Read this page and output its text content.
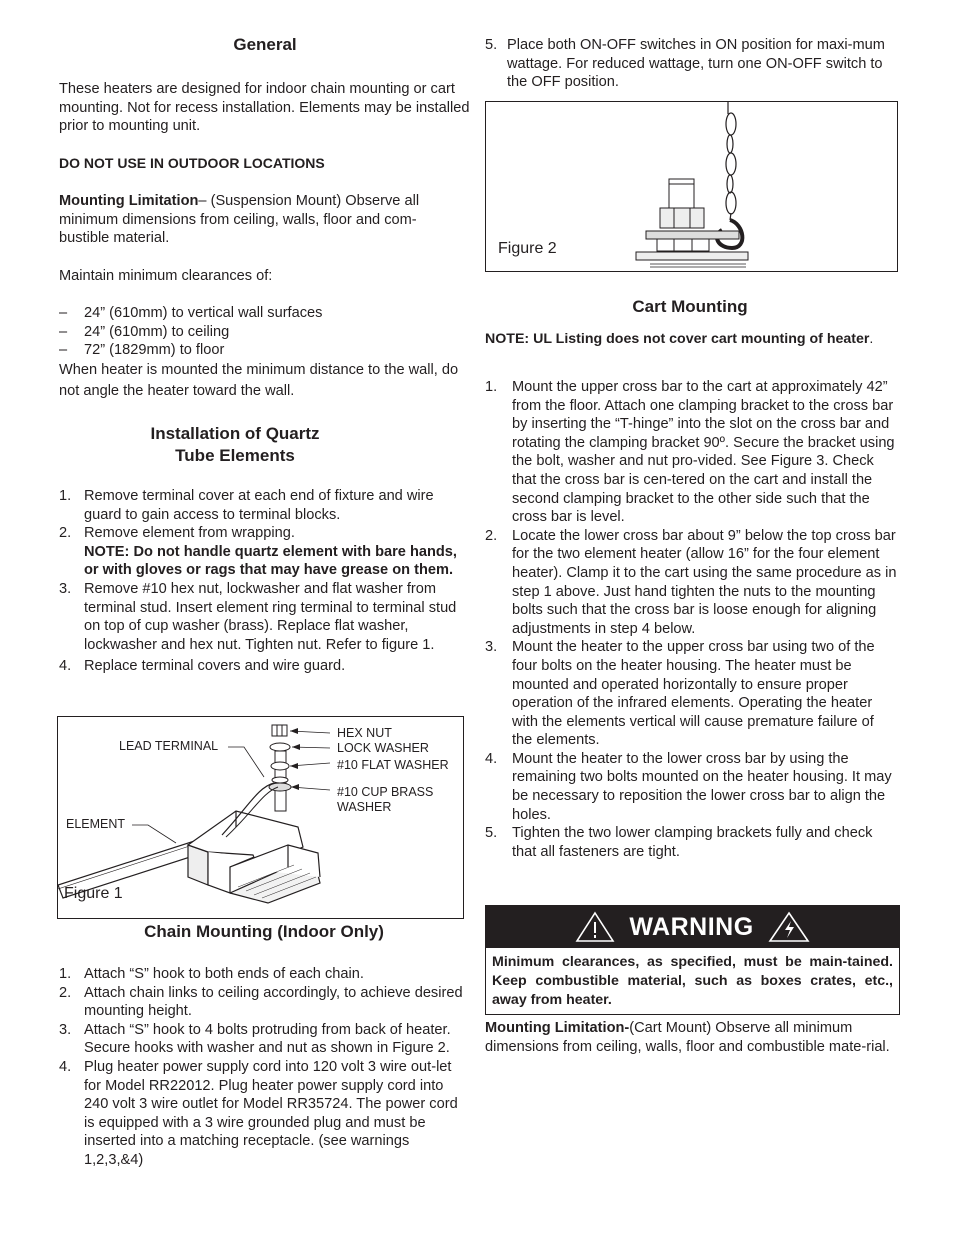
General

These heaters are designed for indoor chain mounting or cart mounting. Not for recess installation. Elements may be installed prior to mounting unit.

DO NOT USE IN OUTDOOR LOCATIONS

Mounting Limitation– (Suspension Mount) Observe all minimum dimensions from ceiling, walls, floor and com-bustible material.

Maintain minimum clearances of:

– 24” (610mm) to vertical wall surfaces
– 24” (610mm) to ceiling
– 72” (1829mm) to floor

When heater is mounted the minimum distance to the wall, do not angle the heater toward the wall.

Installation of Quartz
Tube Elements
1. Remove terminal cover at each end of fixture and wire guard to gain access to terminal blocks.
2. Remove element from wrapping.
NOTE: Do not handle quartz element with bare hands, or with gloves or rags that may have grease on them.
3. Remove #10 hex nut, lockwasher and flat washer from terminal stud. Insert element ring terminal to terminal stud on top of cup washer (brass). Replace flat washer, lockwasher and hex nut. Tighten nut. Refer to figure 1.
4. Replace terminal covers and wire guard.
Chain Mounting (Indoor Only)
1. Attach “S” hook to both ends of each chain.
2. Attach chain links to ceiling accordingly, to achieve desired mounting height.
3. Attach “S” hook to 4 bolts protruding from back of heater. Secure hooks with washer and nut as shown in Figure 2.
4. Plug heater power supply cord into 120 volt 3 wire out-let for Model RR22012. Plug heater power supply cord into 240 volt 3 wire outlet for Model RR35724. The power cord is equipped with a 3 wire grounded plug and must be inserted into a matching receptacle. (see warnings 1,2,3,&4)
HEX NUT
LOCK WASHER
#10 FLAT WASHER
#10 CUP BRASS
WASHER
LEAD TERMINAL
ELEMENT
Figure 1
5. Place both ON-OFF switches in ON position for maxi-mum wattage. For reduced wattage, turn one ON-OFF switch to the OFF position.
Cart Mounting

NOTE: UL Listing does not cover cart mounting of heater.

1. Mount the upper cross bar to the cart at approximately 42” from the floor. Attach one clamping bracket to the cross bar by inserting the “T-hinge” into the slot on the cross bar and rotating the clamping bracket 90º. Secure the bracket using the bolt, washer and nut pro-vided. See Figure 3. Check that the cross bar is cen-tered on the cart and install the second clamping bracket to the other side such that the cross bar is level.
2. Locate the lower cross bar about 9” below the top cross bar for the two element heater (allow 16” for the four element heater). Clamp it to the cart using the same procedure as in step 1 above. Just hand tighten the nuts to the mounting bolts such that the cross bar is loose enough for aligning adjustments in step 4 below.
3. Mount the heater to the upper cross bar using two of the four bolts on the heater housing. The heater must be mounted and operated horizontally to ensure proper operation of the infrared elements. Operating the heater with the elements vertical will cause premature failure of the elements.
4. Mount the heater to the lower cross bar by using the remaining two bolts mounted on the heater housing. It may be necessary to reposition the lower cross bar to align the holes.
5. Tighten the two lower clamping brackets fully and check that all fasteners are tight.

Mounting Limitation-(Cart Mount) Observe all minimum dimensions from ceiling, walls, floor and combustible mate-rial.

Figure 2
WARNING
Minimum clearances, as specified, must be main-tained. Keep combustible material, such as boxes crates, etc., away from heater.
